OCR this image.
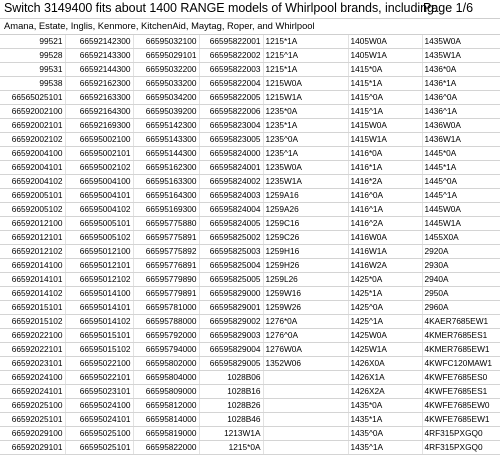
Switch 3149400 fits about 1400 RANGE models of Whirlpool brands, including:
Page 1/6
Amana, Estate, Inglis, Kenmore, KitchenAid, Maytag, Roper, and Whirlpool
99521	66592142300	66595032100	66595822001	1215*1A	1405W0A	1435W0A
99528	66592143300	66595029101	66595822002	1215^1A	1405W1A	1435W1A
99531	66592144300	66595032200	66595822003	1215*1A	1415*0A	1436*0A
99538	66592162300	66595033200	66595822004	1215W0A	1415*1A	1436*1A
66565025101	66592163300	66595034200	66595822005	1215W1A	1415^0A	1436^0A
66592002100	66592164300	66595039200	66595822006	1235*0A	1415^1A	1436^1A
66592002101	66592169300	66595142300	66595823004	1235*1A	1415W0A	1436W0A
66592002102	66595002100	66595143300	66595823005	1235^0A	1415W1A	1436W1A
66592004100	66595002101	66595144300	66595824000	1235^1A	1416*0A	1445*0A
66592004101	66595002102	66595162300	66595824001	1235W0A	1416*1A	1445*1A
66592004102	66595004100	66595163300	66595824002	1235W1A	1416*2A	1445^0A
66592005101	66595004101	66595164300	66595824003	1259A16	1416^0A	1445^1A
66592005102	66595004102	66595169300	66595824004	1259A26	1416^1A	1445W0A
66592012100	66595005101	66595775880	66595824005	1259C16	1416^2A	1445W1A
66592012101	66595005102	66595775891	66595825002	1259C26	1416W0A	1455X0A
66592012102	66595012100	66595775892	66595825003	1259H16	1416W1A	2920A
66592014100	66595012101	66595776891	66595825004	1259H26	1416W2A	2930A
66592014101	66595012102	66595779890	66595825005	1259L26	1425*0A	2940A
66592014102	66595014100	66595779891	66595829000	1259W16	1425*1A	2950A
66592015101	66595014101	66595781000	66595829001	1259W26	1425^0A	2960A
66592015102	66595014102	66595788000	66595829002	1276*0A	1425^1A	4KAER7685EW1
66592022100	66595015101	66595792000	66595829003	1276^0A	1425W0A	4KMER7685ES1
66592022101	66595015102	66595794000	66595829004	1276W0A	1425W1A	4KMER7685EW1
66592023101	66595022100	66595802000	66595829005	1352W06	1426X0A	4KWFC120MAW1
66592024100	66595022101	66595804000	1028B06		1426X1A	4KWFE7685ES0
66592024101	66595023101	66595809000	1028B16		1426X2A	4KWFE7685ES1
66592025100	66595024100	66595812000	1028B26		1435*0A	4KWFE7685EW0
66592025101	66595024101	66595814000	1028B46		1435*1A	4KWFE7685EW1
66592029100	66595025100	66595819000	1213W1A		1435^0A	4RF315PXGQ0
66592029101	66595025101	66595822000	1215*0A		1435^1A	4RF315PXGQ0
